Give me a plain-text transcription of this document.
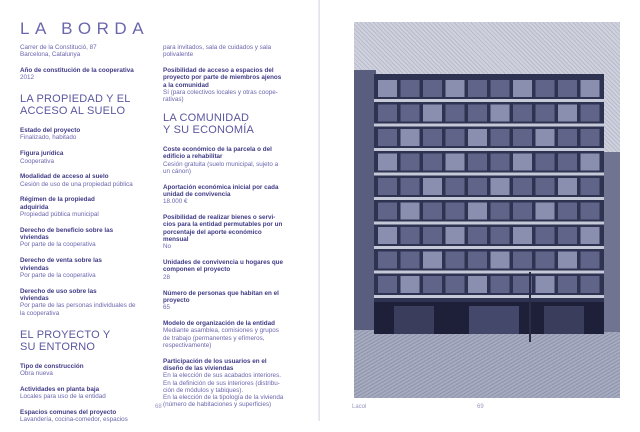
LA BORDA
Carrer de la Constitució, 87
Barcelona, Catalunya
Año de constitución de la cooperativa
2012
LA PROPIEDAD Y EL
ACCESO AL SUELO
Estado del proyecto
Finalizado, habitado
Figura jurídica
Cooperativa
Modalidad de acceso al suelo
Cesión de uso de una propiedad pública
Régimen de la propiedad
adquirida
Propiedad pública municipal
Derecho de beneficio sobre las
viviendas
Por parte de la cooperativa
Derecho de venta sobre las
viviendas
Por parte de la cooperativa
Derecho de uso sobre las
viviendas
Por parte de las personas individuales de
la cooperativa
EL PROYECTO Y
SU ENTORNO
Tipo de construcción
Obra nueva
Actividades en planta baja
Locales para uso de la entidad
Espacios comunes del proyecto
Lavandería, cocina-comedor, espacios
68	Lacol	69
para invitados, sala de cuidados y sala
polivalente
Posibilidad de acceso a espacios del
proyecto por parte de miembros ajenos
a la comunidad
Sí (para colectivos locales y otras coope-
rativas)
LA COMUNIDAD
Y SU ECONOMÍA
Coste económico de la parcela o del
edificio a rehabilitar
Cesión gratuita (suelo municipal, sujeto a
un cánon)
Aportación económica inicial por cada
unidad de convivencia
18.000 €
Posibilidad de realizar bienes o servi-
cios para la entidad permutables por un
porcentaje del aporte económico
mensual
No
Unidades de convivencia u hogares que
componen el proyecto
28
Número de personas que habitan en el
proyecto
65
Modelo de organización de la entidad
Mediante asamblea, comisiones y grupos
de trabajo (permanentes y efímeros,
respectivamente)
Participación de los usuarios en el
diseño de las viviendas
En la elección de sus acabados interiores.
En la definición de sus interiores (distribu-
ción de módulos y tabiques).
En la elección de la tipología de la vivienda
(número de habitaciones y superficies)
